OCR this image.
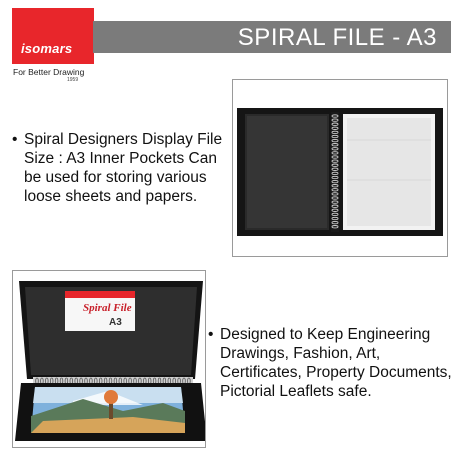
isomars
For Better Drawing
1959
SPIRAL FILE - A3
• Spiral Designers Display File Size : A3 Inner Pockets Can be used for storing various loose sheets and papers.
Spiral File
A3
• Designed to Keep Engineering Drawings, Fashion, Art, Certificates, Property Documents, Pictorial Leaflets safe.
